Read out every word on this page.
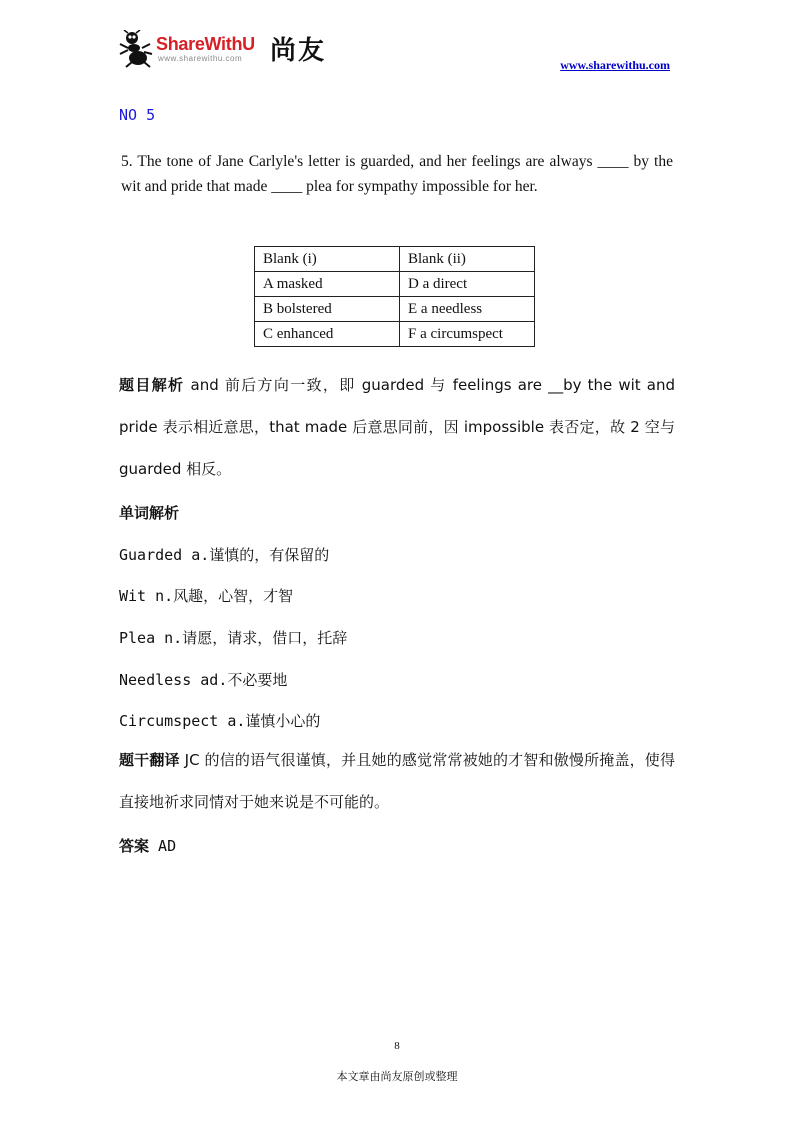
ShareWithU
www.sharewithu.com 尚友	www.sharewithu.com
NO 5
5. The tone of Jane Carlyle's letter is guarded, and her feelings are always ____ by the wit and pride that made ____ plea for sympathy impossible for her.
Blank (i)	Blank (ii)
A masked	D a direct
B bolstered	E a needless
C enhanced	F a circumspect
题目解析 and 前后方向一致，即 guarded 与 feelings are __by the wit and pride 表示相近意思，that made 后意思同前，因 impossible 表否定，故 2 空与 guarded 相反。
单词解析
Guarded a.谨慎的，有保留的
Wit n.风趣，心智，才智
Plea n.请愿，请求，借口，托辞
Needless ad.不必要地
Circumspect a.谨慎小心的
题干翻译 JC 的信的语气很谨慎，并且她的感觉常常被她的才智和傲慢所掩盖，使得直接地祈求同情对于她来说是不可能的。
答案 AD
8
本文章由尚友原创或整理
